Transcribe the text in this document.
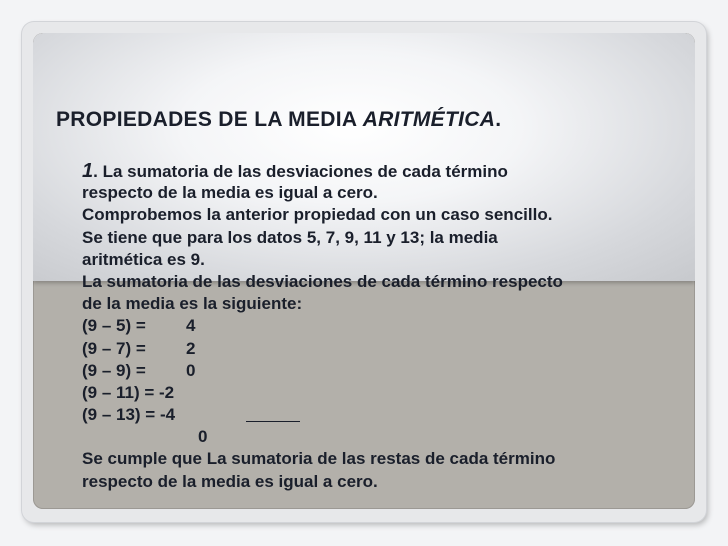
PROPIEDADES DE LA MEDIA ARITMÉTICA.
1. La sumatoria de las desviaciones de cada término
respecto de la media es igual a cero.
Comprobemos la anterior propiedad con un caso sencillo.
Se tiene que para los datos 5, 7, 9, 11 y 13; la media
aritmética es 9.
La sumatoria de las desviaciones de cada término respecto
de la media es la siguiente:
(9 – 5) =	4
(9 – 7) =	2
(9 – 9) =	0
(9 – 11) = -2
(9 – 13) = -4
0
Se cumple que La sumatoria de las restas de cada término
respecto de la media es igual a cero.
